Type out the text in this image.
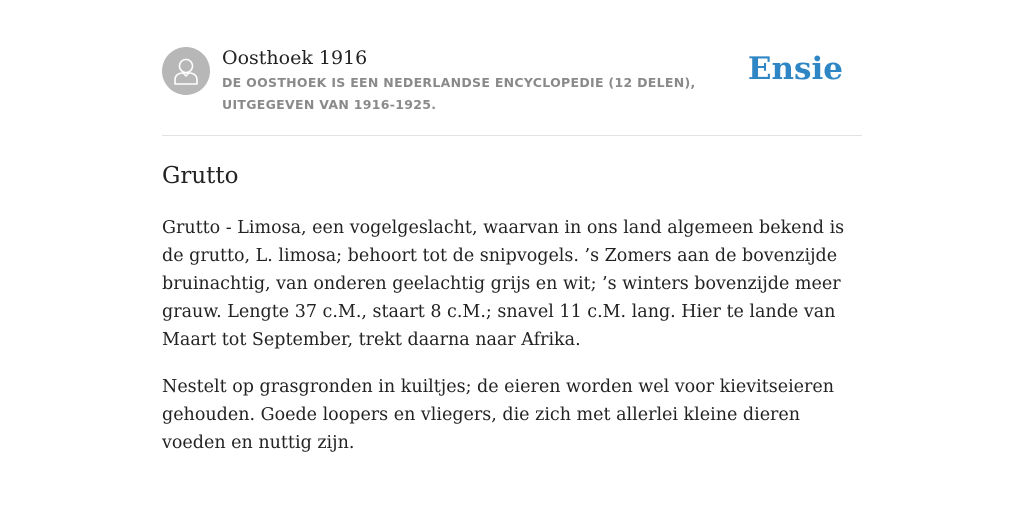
Oosthoek 1916
DE OOSTHOEK IS EEN NEDERLANDSE ENCYCLOPEDIE (12 DELEN), UITGEGEVEN VAN 1916-1925.
Ensie
Grutto

Grutto - Limosa, een vogelgeslacht, waarvan in ons land algemeen bekend is de grutto, L. limosa; behoort tot de snipvogels. ’s Zomers aan de bovenzijde bruinachtig, van onderen geelachtig grijs en wit; ’s winters bovenzijde meer grauw. Lengte 37 c.M., staart 8 c.M.; snavel 11 c.M. lang. Hier te lande van Maart tot September, trekt daarna naar Afrika.

Nestelt op grasgronden in kuiltjes; de eieren worden wel voor kievitseieren gehouden. Goede loopers en vliegers, die zich met allerlei kleine dieren voeden en nuttig zijn.
